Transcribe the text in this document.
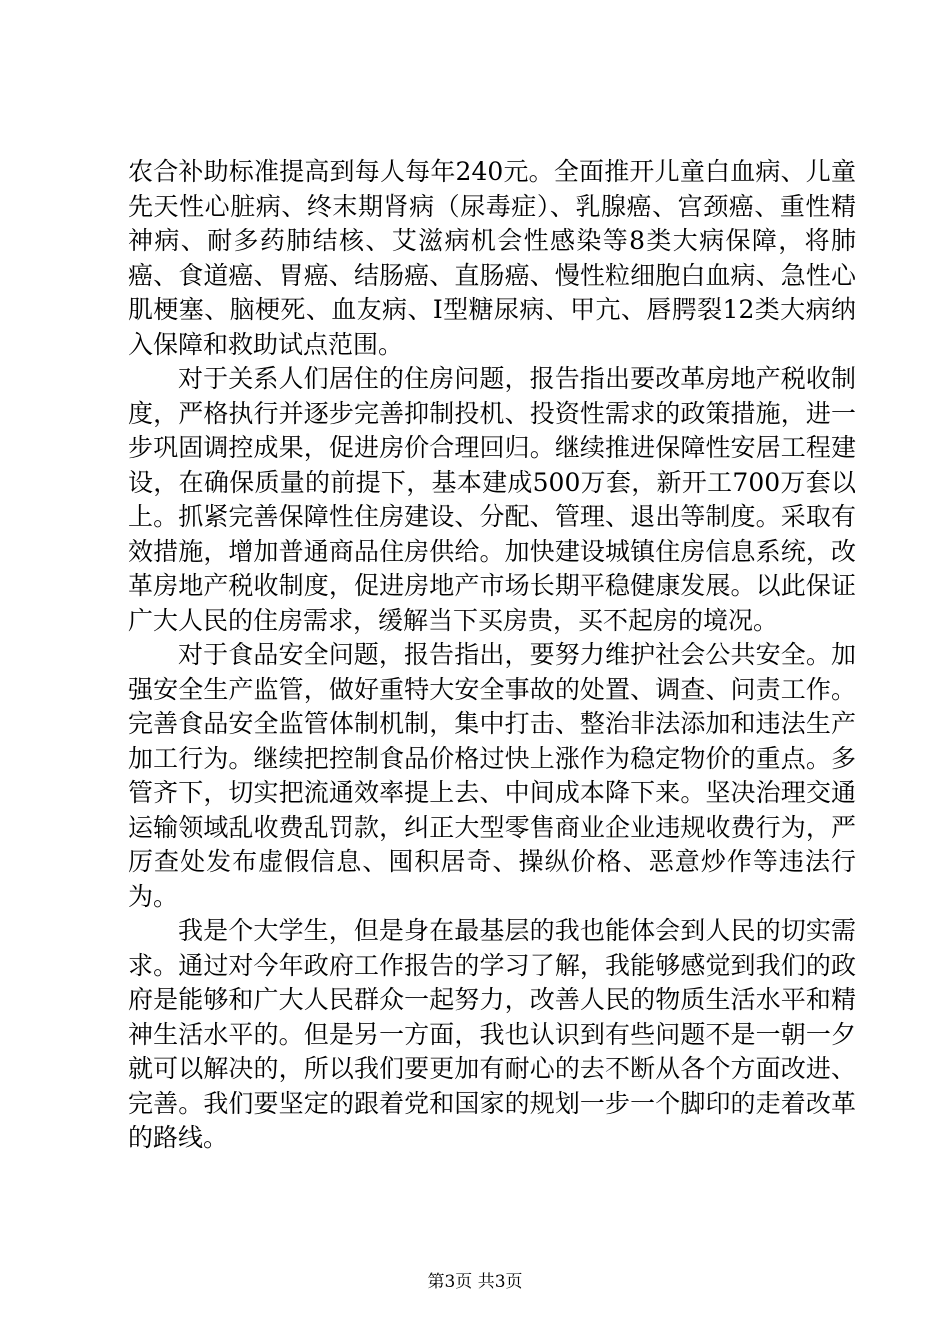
农合补助标准提高到每人每年240元。全面推开儿童白血病、儿童先天性心脏病、终末期肾病（尿毒症）、乳腺癌、宫颈癌、重性精神病、耐多药肺结核、艾滋病机会性感染等8类大病保障，将肺癌、食道癌、胃癌、结肠癌、直肠癌、慢性粒细胞白血病、急性心肌梗塞、脑梗死、血友病、Ⅰ型糖尿病、甲亢、唇腭裂12类大病纳入保障和救助试点范围。

对于关系人们居住的住房问题，报告指出要改革房地产税收制度，严格执行并逐步完善抑制投机、投资性需求的政策措施，进一步巩固调控成果，促进房价合理回归。继续推进保障性安居工程建设，在确保质量的前提下，基本建成500万套，新开工700万套以上。抓紧完善保障性住房建设、分配、管理、退出等制度。采取有效措施，增加普通商品住房供给。加快建设城镇住房信息系统，改革房地产税收制度，促进房地产市场长期平稳健康发展。以此保证广大人民的住房需求，缓解当下买房贵，买不起房的境况。

对于食品安全问题，报告指出，要努力维护社会公共安全。加强安全生产监管，做好重特大安全事故的处置、调查、问责工作。完善食品安全监管体制机制，集中打击、整治非法添加和违法生产加工行为。继续把控制食品价格过快上涨作为稳定物价的重点。多管齐下，切实把流通效率提上去、中间成本降下来。坚决治理交通运输领域乱收费乱罚款，纠正大型零售商业企业违规收费行为，严厉查处发布虚假信息、囤积居奇、操纵价格、恶意炒作等违法行为。

我是个大学生，但是身在最基层的我也能体会到人民的切实需求。通过对今年政府工作报告的学习了解，我能够感觉到我们的政府是能够和广大人民群众一起努力，改善人民的物质生活水平和精神生活水平的。但是另一方面，我也认识到有些问题不是一朝一夕就可以解决的，所以我们要更加有耐心的去不断从各个方面改进、完善。我们要坚定的跟着党和国家的规划一步一个脚印的走着改革的路线。

第3页 共3页
